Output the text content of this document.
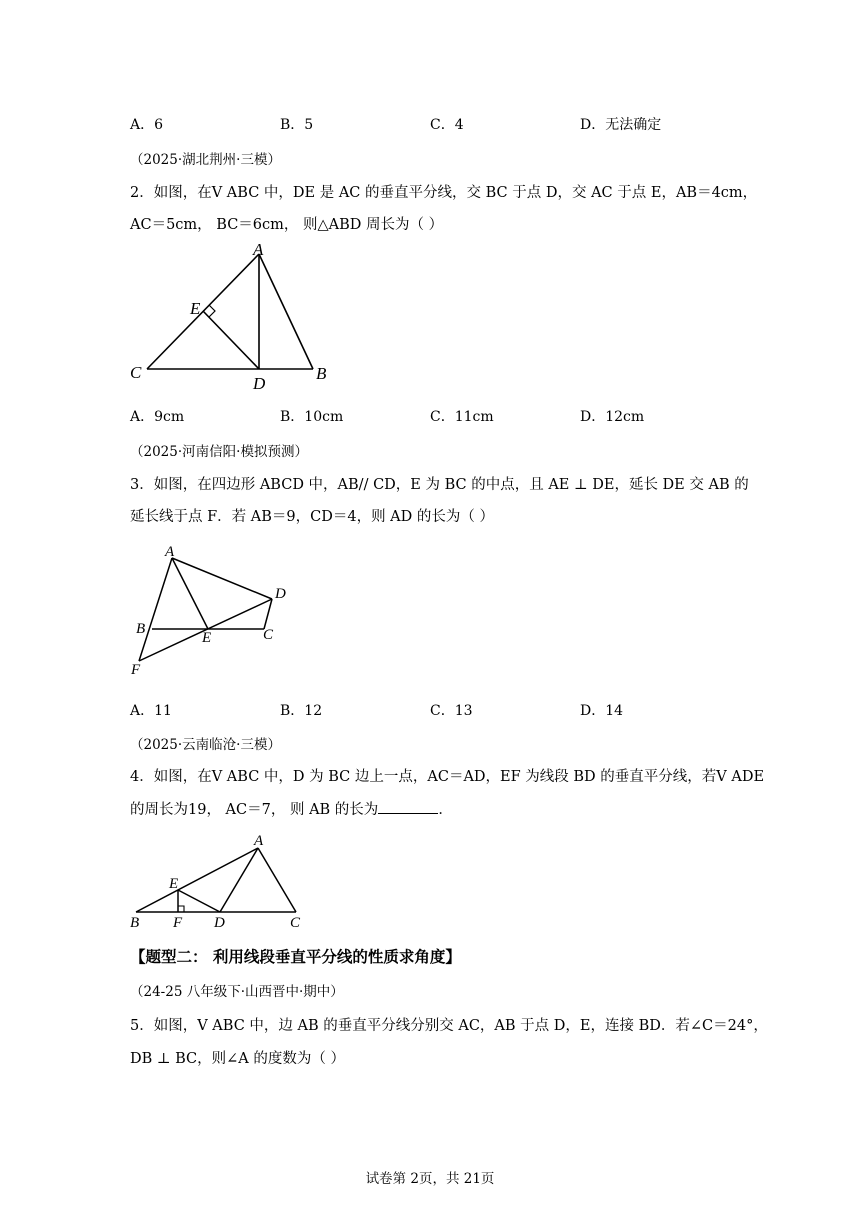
A．6	B．5	C．4	D．无法确定
（2025·湖北荆州·三模）
2．如图，在V ABC 中，DE 是 AC 的垂直平分线，交 BC 于点 D，交 AC 于点 E，AB＝4cm，
AC＝5cm， BC＝6cm， 则△ABD 周长为（ ）
A
E
C
D
B
A．9cm	B．10cm	C．11cm	D．12cm
（2025·河南信阳·模拟预测）
3．如图，在四边形 ABCD 中，AB// CD，E 为 BC 的中点，且 AE ⊥ DE，延长 DE 交 AB 的
延长线于点 F．若 AB＝9，CD＝4，则 AD 的长为（ ）
A
D
B
E	C
F
A．11	B．12	C．13	D．14
（2025·云南临沧·三模）
4．如图，在V ABC 中，D 为 BC 边上一点，AC＝AD，EF 为线段 BD 的垂直平分线，若V ADE
的周长为19， AC＝7， 则 AB 的长为	．
A
E
B F D	C
【题型二： 利用线段垂直平分线的性质求角度】
（24-25 八年级下·山西晋中·期中）
5．如图，V ABC 中，边 AB 的垂直平分线分别交 AC，AB 于点 D，E，连接 BD．若∠C＝24°，
DB ⊥ BC，则∠A 的度数为（ ）
试卷第 2页，共 21页
